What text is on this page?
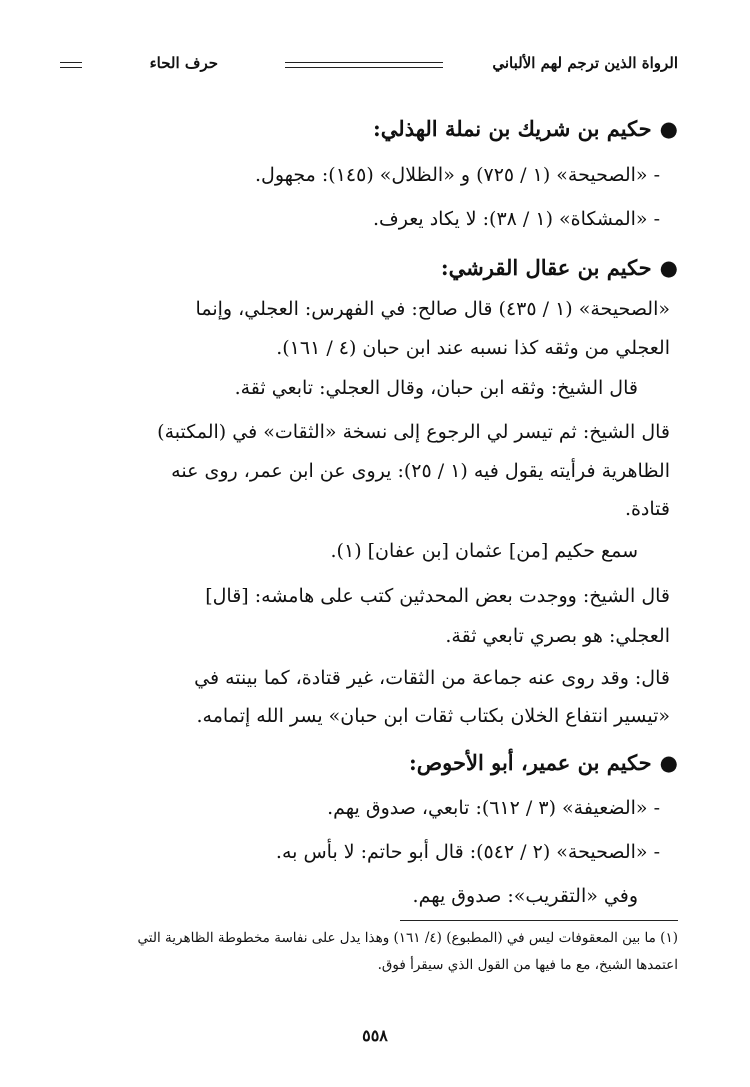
الرواة الذين ترجم لهم الألباني
حرف الحاء
●حكيم بن شريك بن نملة الهذلي:
- «الصحيحة» (١ / ٧٢٥) و «الظلال» (١٤٥): مجهول.
- «المشكاة» (١ / ٣٨): لا يكاد يعرف.
●حكيم بن عقال القرشي:
«الصحيحة» (١ / ٤٣٥) قال صالح: في الفهرس: العجلي، وإنما
العجلي من وثقه كذا نسبه عند ابن حبان (٤ / ١٦١).
قال الشيخ: وثقه ابن حبان، وقال العجلي: تابعي ثقة.
قال الشيخ: ثم تيسر لي الرجوع إلى نسخة «الثقات» في (المكتبة)
الظاهرية فرأيته يقول فيه (١ / ٢٥): يروى عن ابن عمر، روى عنه
قتادة.
سمع حكيم [من] عثمان [بن عفان] (١).
قال الشيخ: ووجدت بعض المحدثين كتب على هامشه: [قال]
العجلي: هو بصري تابعي ثقة.
قال: وقد روى عنه جماعة من الثقات، غير قتادة، كما بينته في
«تيسير انتفاع الخلان بكتاب ثقات ابن حبان» يسر الله إتمامه.
●حكيم بن عمير، أبو الأحوص:
- «الضعيفة» (٣ / ٦١٢): تابعي، صدوق يهم.
- «الصحيحة» (٢ / ٥٤٢): قال أبو حاتم: لا بأس به.
وفي «التقريب»: صدوق يهم.
(١) ما بين المعقوفات ليس في (المطبوع) (٤/ ١٦١) وهذا يدل على نفاسة مخطوطة الظاهرية التي
اعتمدها الشيخ، مع ما فيها من القول الذي سيقرأ فوق.
٥٥٨
